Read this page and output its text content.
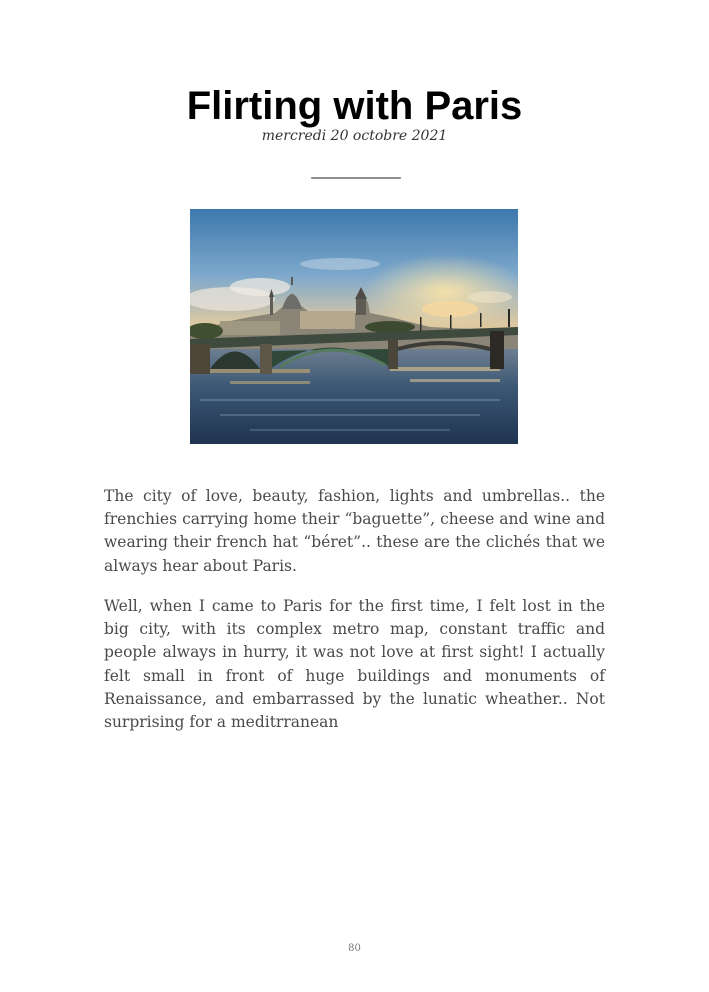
Flirting with Paris
mercredi 20 octobre 2021
————————

The city of love, beauty, fashion, lights and umbrellas.. the frenchies carrying home their “baguette”, cheese and wine and wearing their french hat “béret”.. these are the clichés that we always hear about Paris.

Well, when I came to Paris for the first time, I felt lost in the big city, with its complex metro map, constant traffic and people always in hurry, it was not love at first sight! I actually felt small in front of huge buildings and monuments of Renaissance, and embarrassed by the lunatic wheather.. Not surprising for a meditrranean

80
